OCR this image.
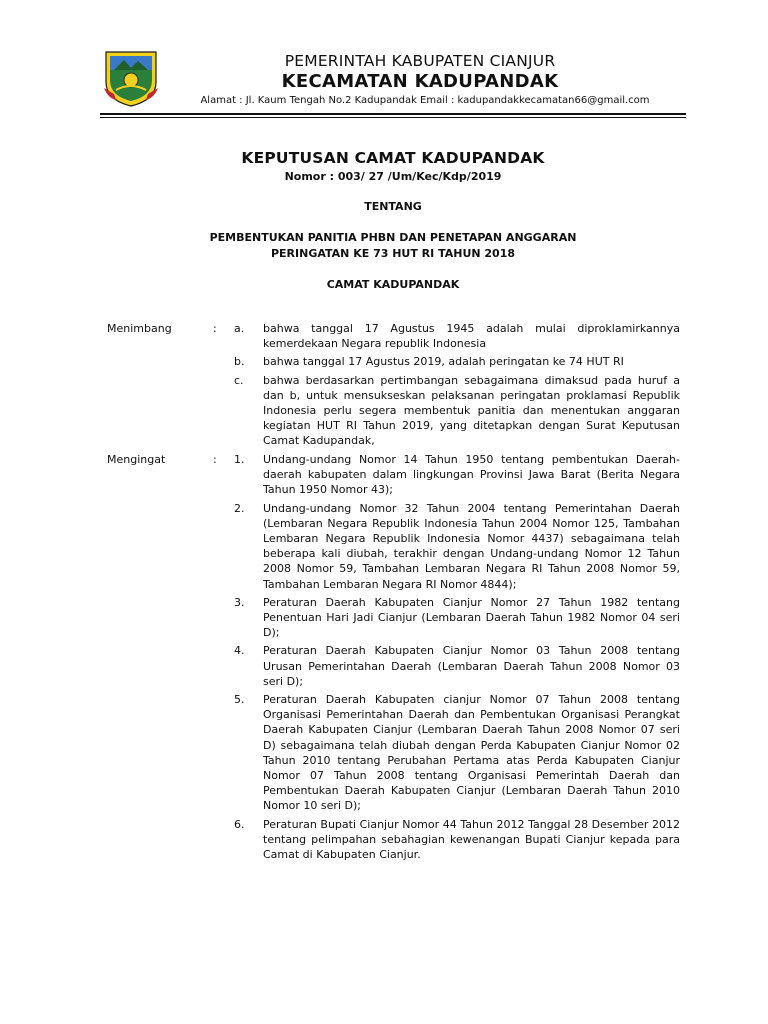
PEMERINTAH KABUPATEN CIANJUR
KECAMATAN KADUPANDAK
Alamat : Jl. Kaum Tengah No.2 Kadupandak Email : kadupandakkecamatan66@gmail.com
KEPUTUSAN CAMAT KADUPANDAK
Nomor : 003/ 27 /Um/Kec/Kdp/2019
TENTANG
PEMBENTUKAN PANITIA PHBN DAN PENETAPAN ANGGARAN
PERINGATAN KE 73 HUT RI TAHUN 2018
CAMAT KADUPANDAK
Menimbang	: a. bahwa tanggal 17 Agustus 1945 adalah mulai diproklamirkannya kemerdekaan Negara republik Indonesia
b. bahwa tanggal 17 Agustus 2019, adalah peringatan ke 74 HUT RI
c. bahwa berdasarkan pertimbangan sebagaimana dimaksud pada huruf a dan b, untuk mensukseskan pelaksanan peringatan proklamasi Republik Indonesia perlu segera membentuk panitia dan menentukan anggaran kegiatan HUT RI Tahun 2019, yang ditetapkan dengan Surat Keputusan Camat Kadupandak,
Mengingat	: 1. Undang-undang Nomor 14 Tahun 1950 tentang pembentukan Daerah-daerah kabupaten dalam lingkungan Provinsi Jawa Barat (Berita Negara Tahun 1950 Nomor 43);
2. Undang-undang Nomor 32 Tahun 2004 tentang Pemerintahan Daerah (Lembaran Negara Republik Indonesia Tahun 2004 Nomor 125, Tambahan Lembaran Negara Republik Indonesia Nomor 4437) sebagaimana telah beberapa kali diubah, terakhir dengan Undang-undang Nomor 12 Tahun 2008 Nomor 59, Tambahan Lembaran Negara RI Tahun 2008 Nomor 59, Tambahan Lembaran Negara RI Nomor 4844);
3. Peraturan Daerah Kabupaten Cianjur Nomor 27 Tahun 1982 tentang Penentuan Hari Jadi Cianjur (Lembaran Daerah Tahun 1982 Nomor 04 seri D);
4. Peraturan Daerah Kabupaten Cianjur Nomor 03 Tahun 2008 tentang Urusan Pemerintahan Daerah (Lembaran Daerah Tahun 2008 Nomor 03 seri D);
5. Peraturan Daerah Kabupaten cianjur Nomor 07 Tahun 2008 tentang Organisasi Pemerintahan Daerah dan Pembentukan Organisasi Perangkat Daerah Kabupaten Cianjur (Lembaran Daerah Tahun 2008 Nomor 07 seri D) sebagaimana telah diubah dengan Perda Kabupaten Cianjur Nomor 02 Tahun 2010 tentang Perubahan Pertama atas Perda Kabupaten Cianjur Nomor 07 Tahun 2008 tentang Organisasi Pemerintah Daerah dan Pembentukan Daerah Kabupaten Cianjur (Lembaran Daerah Tahun 2010 Nomor 10 seri D);
6. Peraturan Bupati Cianjur Nomor 44 Tahun 2012 Tanggal 28 Desember 2012 tentang pelimpahan sebahagian kewenangan Bupati Cianjur kepada para Camat di Kabupaten Cianjur.
